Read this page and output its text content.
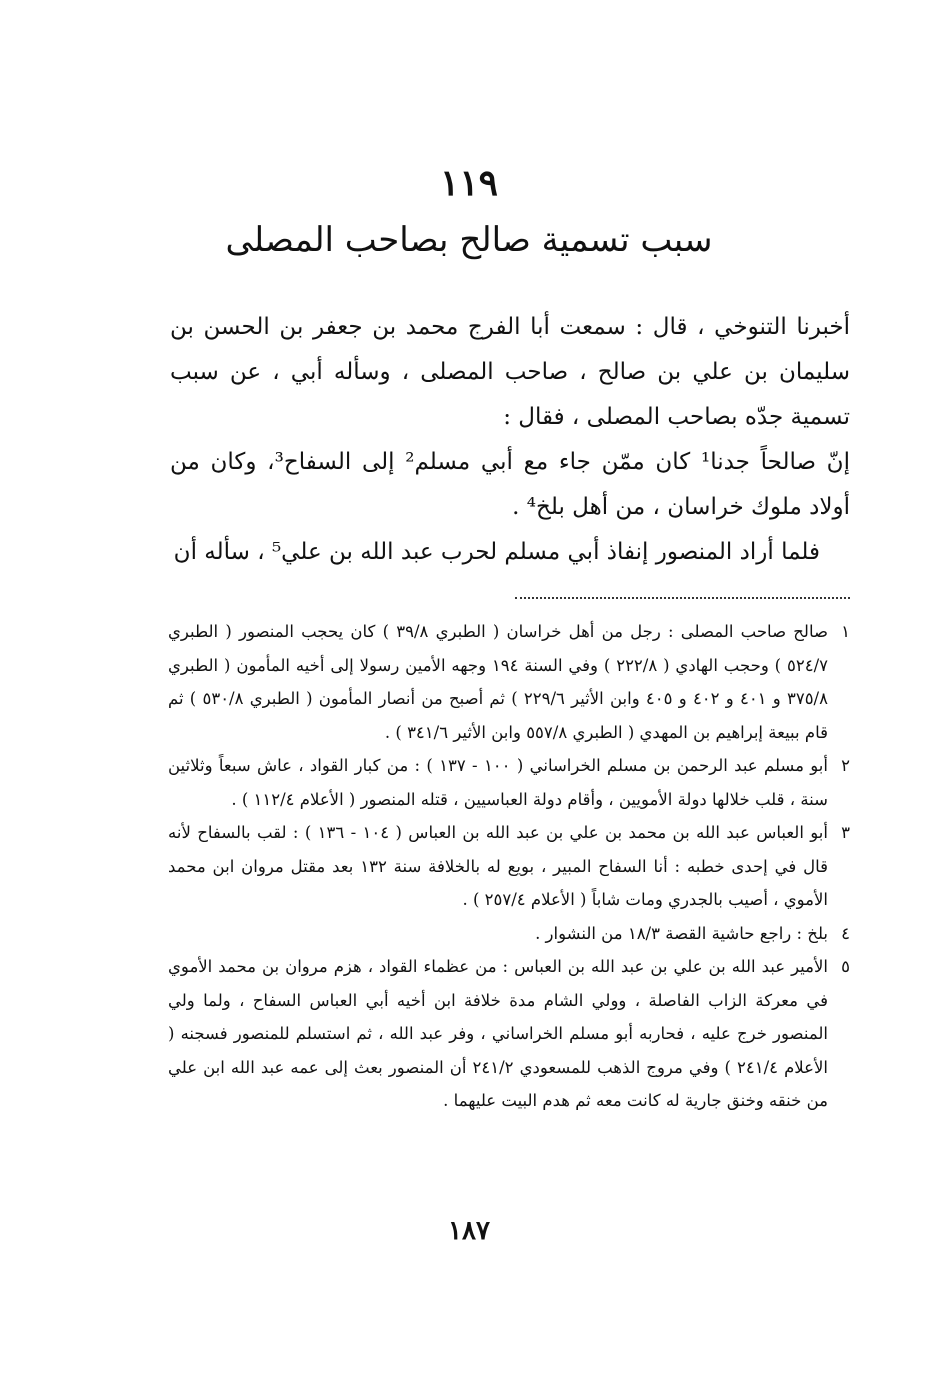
١١٩
سبب تسمية صالح بصاحب المصلى

أخبرنا التنوخي ، قال : سمعت أبا الفرج محمد بن جعفر بن الحسن بن سليمان بن علي بن صالح ، صاحب المصلى ، وسأله أبي ، عن سبب تسمية جدّه بصاحب المصلى ، فقال :

إنّ صالحاً جدنا¹ كان ممّن جاء مع أبي مسلم² إلى السفاح³، وكان من أولاد ملوك خراسان ، من أهل بلخ⁴ .

فلما أراد المنصور إنفاذ أبي مسلم لحرب عبد الله بن علي⁵ ، سأله أن

١
صالح صاحب المصلى : رجل من أهل خراسان ( الطبري ٣٩/٨ ) كان يحجب المنصور ( الطبري ٥٢٤/٧ ) وحجب الهادي ( ٢٢٢/٨ ) وفي السنة ١٩٤ وجهه الأمين رسولا إلى أخيه المأمون ( الطبري ٣٧٥/٨ و ٤٠١ و ٤٠٢ و ٤٠٥ وابن الأثير ٢٢٩/٦ ) ثم أصبح من أنصار المأمون ( الطبري ٥٣٠/٨ ) ثم قام ببيعة إبراهيم بن المهدي ( الطبري ٥٥٧/٨ وابن الأثير ٣٤١/٦ ) .
٢
أبو مسلم عبد الرحمن بن مسلم الخراساني ( ١٠٠ - ١٣٧ ) : من كبار القواد ، عاش سبعاً وثلاثين سنة ، قلب خلالها دولة الأمويين ، وأقام دولة العباسيين ، قتله المنصور ( الأعلام ١١٢/٤ ) .
٣
أبو العباس عبد الله بن محمد بن علي بن عبد الله بن العباس ( ١٠٤ - ١٣٦ ) : لقب بالسفاح لأنه قال في إحدى خطبه : أنا السفاح المبير ، بويع له بالخلافة سنة ١٣٢ بعد مقتل مروان ابن محمد الأموي ، أصيب بالجدري ومات شاباً ( الأعلام ٢٥٧/٤ ) .
٤
بلخ : راجع حاشية القصة ١٨/٣ من النشوار .
٥
الأمير عبد الله بن علي بن عبد الله بن العباس : من عظماء القواد ، هزم مروان بن محمد الأموي في معركة الزاب الفاصلة ، وولي الشام مدة خلافة ابن أخيه أبي العباس السفاح ، ولما ولي المنصور خرج عليه ، فحاربه أبو مسلم الخراساني ، وفر عبد الله ، ثم استسلم للمنصور فسجنه ( الأعلام ٢٤١/٤ ) وفي مروج الذهب للمسعودي ٢٤١/٢ أن المنصور بعث إلى عمه عبد الله ابن علي من خنقه وخنق جارية له كانت معه ثم هدم البيت عليهما .
١٨٧
